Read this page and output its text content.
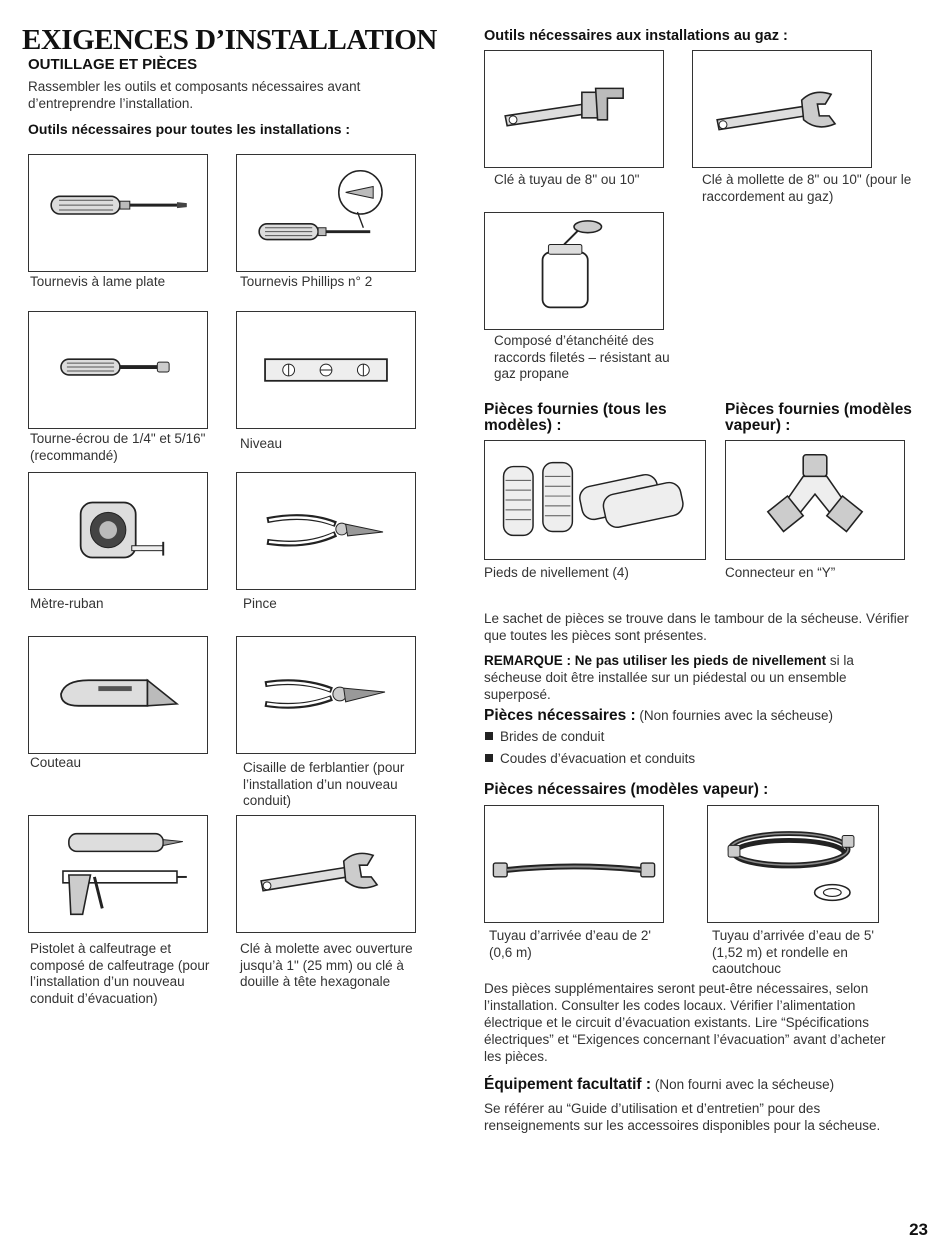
EXIGENCES D’INSTALLATION
OUTILLAGE ET PIÈCES
Rassembler les outils et composants nécessaires avant d’entreprendre l’installation.
Outils nécessaires pour toutes les installations :
Tournevis à lame plate	Tournevis Phillips n° 2
Tourne-écrou de 1/4" et 5/16" (recommandé)
Niveau
Mètre-ruban	Pince
Couteau	Cisaille de ferblantier (pour l’installation d’un nouveau conduit)
Pistolet à calfeutrage et composé de calfeutrage (pour l’installation d’un nouveau conduit d’évacuation)
Clé à molette avec ouverture jusqu’à 1" (25 mm) ou clé à douille à tête hexagonale
Outils nécessaires aux installations au gaz :
Clé à tuyau de 8" ou 10"	Clé à mollette de 8" ou 10" (pour le raccordement au gaz)
Composé d’étanchéité des raccords filetés – résistant au gaz propane
Pièces fournies (tous les modèles) :
Pièces fournies (modèles vapeur) :
Pieds de nivellement (4)	Connecteur en “Y”
Le sachet de pièces se trouve dans le tambour de la sécheuse. Vérifier que toutes les pièces sont présentes.
REMARQUE : Ne pas utiliser les pieds de nivellement si la sécheuse doit être installée sur un piédestal ou un ensemble superposé.
Pièces nécessaires : (Non fournies avec la sécheuse)
Brides de conduit
Coudes d’évacuation et conduits
Pièces nécessaires (modèles vapeur) :
Tuyau d’arrivée d’eau de 2' (0,6 m)
Tuyau d’arrivée d’eau de 5' (1,52 m) et rondelle en caoutchouc
Des pièces supplémentaires seront peut-être nécessaires, selon l’installation. Consulter les codes locaux. Vérifier l’alimentation électrique et le circuit d’évacuation existants. Lire “Spécifications électriques” et “Exigences concernant l’évacuation” avant d’acheter les pièces.
Équipement facultatif : (Non fourni avec la sécheuse)
Se référer au “Guide d’utilisation et d’entretien” pour des renseignements sur les accessoires disponibles pour la sécheuse.
23
